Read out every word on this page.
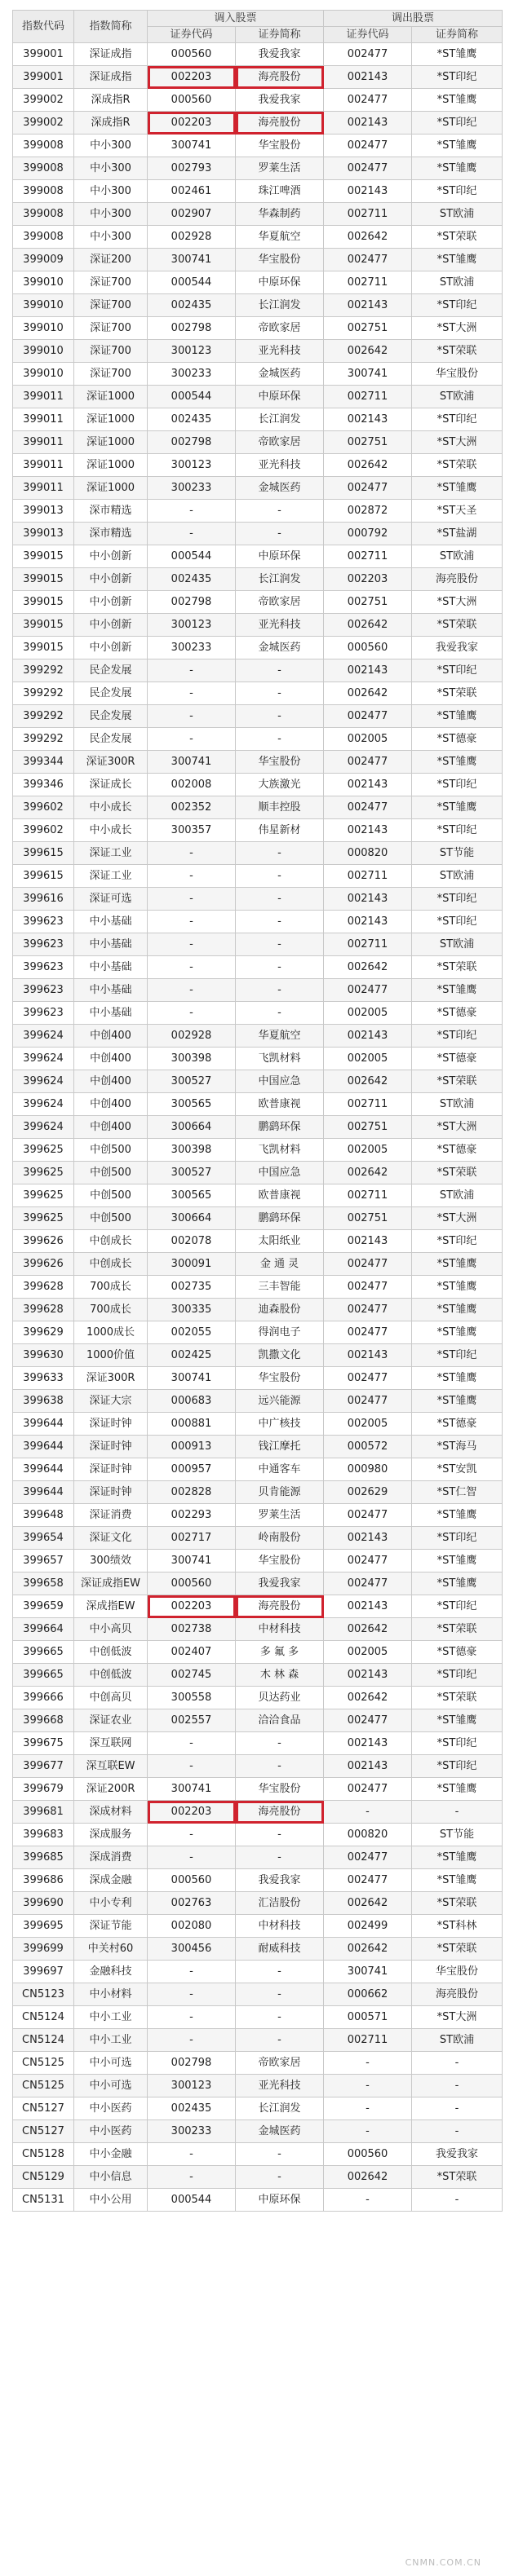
指数代码	指数简称	调入股票		调出股票	
		证券代码	证券简称	证券代码	证券简称
399001	深证成指	000560	我爱我家	002477	*ST雏鹰
399001	深证成指	002203	海亮股份	002143	*ST印纪
399002	深成指R	000560	我爱我家	002477	*ST雏鹰
399002	深成指R	002203	海亮股份	002143	*ST印纪
399008	中小300	300741	华宝股份	002477	*ST雏鹰
399008	中小300	002793	罗莱生活	002477	*ST雏鹰
399008	中小300	002461	珠江啤酒	002143	*ST印纪
399008	中小300	002907	华森制药	002711	ST欧浦
399008	中小300	002928	华夏航空	002642	*ST荣联
399009	深证200	300741	华宝股份	002477	*ST雏鹰
399010	深证700	000544	中原环保	002711	ST欧浦
399010	深证700	002435	长江润发	002143	*ST印纪
399010	深证700	002798	帝欧家居	002751	*ST大洲
399010	深证700	300123	亚光科技	002642	*ST荣联
399010	深证700	300233	金城医药	300741	华宝股份
399011	深证1000	000544	中原环保	002711	ST欧浦
399011	深证1000	002435	长江润发	002143	*ST印纪
399011	深证1000	002798	帝欧家居	002751	*ST大洲
399011	深证1000	300123	亚光科技	002642	*ST荣联
399011	深证1000	300233	金城医药	002477	*ST雏鹰
399013	深市精选	-	-	002872	*ST天圣
399013	深市精选	-	-	000792	*ST盐湖
399015	中小创新	000544	中原环保	002711	ST欧浦
399015	中小创新	002435	长江润发	002203	海亮股份
399015	中小创新	002798	帝欧家居	002751	*ST大洲
399015	中小创新	300123	亚光科技	002642	*ST荣联
399015	中小创新	300233	金城医药	000560	我爱我家
399292	民企发展	-	-	002143	*ST印纪
399292	民企发展	-	-	002642	*ST荣联
399292	民企发展	-	-	002477	*ST雏鹰
399292	民企发展	-	-	002005	*ST德豪
399344	深证300R	300741	华宝股份	002477	*ST雏鹰
399346	深证成长	002008	大族激光	002143	*ST印纪
399602	中小成长	002352	顺丰控股	002477	*ST雏鹰
399602	中小成长	300357	伟星新材	002143	*ST印纪
399615	深证工业	-	-	000820	ST节能
399615	深证工业	-	-	002711	ST欧浦
399616	深证可选	-	-	002143	*ST印纪
399623	中小基础	-	-	002143	*ST印纪
399623	中小基础	-	-	002711	ST欧浦
399623	中小基础	-	-	002642	*ST荣联
399623	中小基础	-	-	002477	*ST雏鹰
399623	中小基础	-	-	002005	*ST德豪
399624	中创400	002928	华夏航空	002143	*ST印纪
399624	中创400	300398	飞凯材料	002005	*ST德豪
399624	中创400	300527	中国应急	002642	*ST荣联
399624	中创400	300565	欧普康视	002711	ST欧浦
399624	中创400	300664	鹏鹞环保	002751	*ST大洲
399625	中创500	300398	飞凯材料	002005	*ST德豪
399625	中创500	300527	中国应急	002642	*ST荣联
399625	中创500	300565	欧普康视	002711	ST欧浦
399625	中创500	300664	鹏鹞环保	002751	*ST大洲
399626	中创成长	002078	太阳纸业	002143	*ST印纪
399626	中创成长	300091	金 通 灵	002477	*ST雏鹰
399628	700成长	002735	三丰智能	002477	*ST雏鹰
399628	700成长	300335	迪森股份	002477	*ST雏鹰
399629	1000成长	002055	得润电子	002477	*ST雏鹰
399630	1000价值	002425	凯撒文化	002143	*ST印纪
399633	深证300R	300741	华宝股份	002477	*ST雏鹰
399638	深证大宗	000683	远兴能源	002477	*ST雏鹰
399644	深证时钟	000881	中广核技	002005	*ST德豪
399644	深证时钟	000913	钱江摩托	000572	*ST海马
399644	深证时钟	000957	中通客车	000980	*ST安凯
399644	深证时钟	002828	贝肯能源	002629	*ST仁智
399648	深证消费	002293	罗莱生活	002477	*ST雏鹰
399654	深证文化	002717	岭南股份	002143	*ST印纪
399657	300绩效	300741	华宝股份	002477	*ST雏鹰
399658	深证成指EW	000560	我爱我家	002477	*ST雏鹰
399659	深成指EW	002203	海亮股份	002143	*ST印纪
399664	中小高贝	002738	中材科技	002642	*ST荣联
399665	中创低波	002407	多 氟 多	002005	*ST德豪
399665	中创低波	002745	木 林 森	002143	*ST印纪
399666	中创高贝	300558	贝达药业	002642	*ST荣联
399668	深证农业	002557	洽洽食品	002477	*ST雏鹰
399675	深互联网	-	-	002143	*ST印纪
399677	深互联EW	-	-	002143	*ST印纪
399679	深证200R	300741	华宝股份	002477	*ST雏鹰
399681	深成材料	002203	海亮股份	-	-
399683	深成服务	-	-	000820	ST节能
399685	深成消费	-	-	002477	*ST雏鹰
399686	深成金融	000560	我爱我家	002477	*ST雏鹰
399690	中小专利	002763	汇洁股份	002642	*ST荣联
399695	深证节能	002080	中材科技	002499	*ST科林
399699	中关村60	300456	耐威科技	002642	*ST荣联
399697	金融科技	-	-	300741	华宝股份
CN5123	中小材料	-	-	000662	海亮股份
CN5124	中小工业	-	-	000571	*ST大洲
CN5124	中小工业	-	-	002711	ST欧浦
CN5125	中小可选	002798	帝欧家居	-	-
CN5125	中小可选	300123	亚光科技	-	-
CN5127	中小医药	002435	长江润发	-	-
CN5127	中小医药	300233	金城医药	-	-
CN5128	中小金融	-	-	000560	我爱我家
CN5129	中小信息	-	-	002642	*ST荣联
CN5131	中小公用	000544	中原环保	-	-
CNMN.COM.CN
